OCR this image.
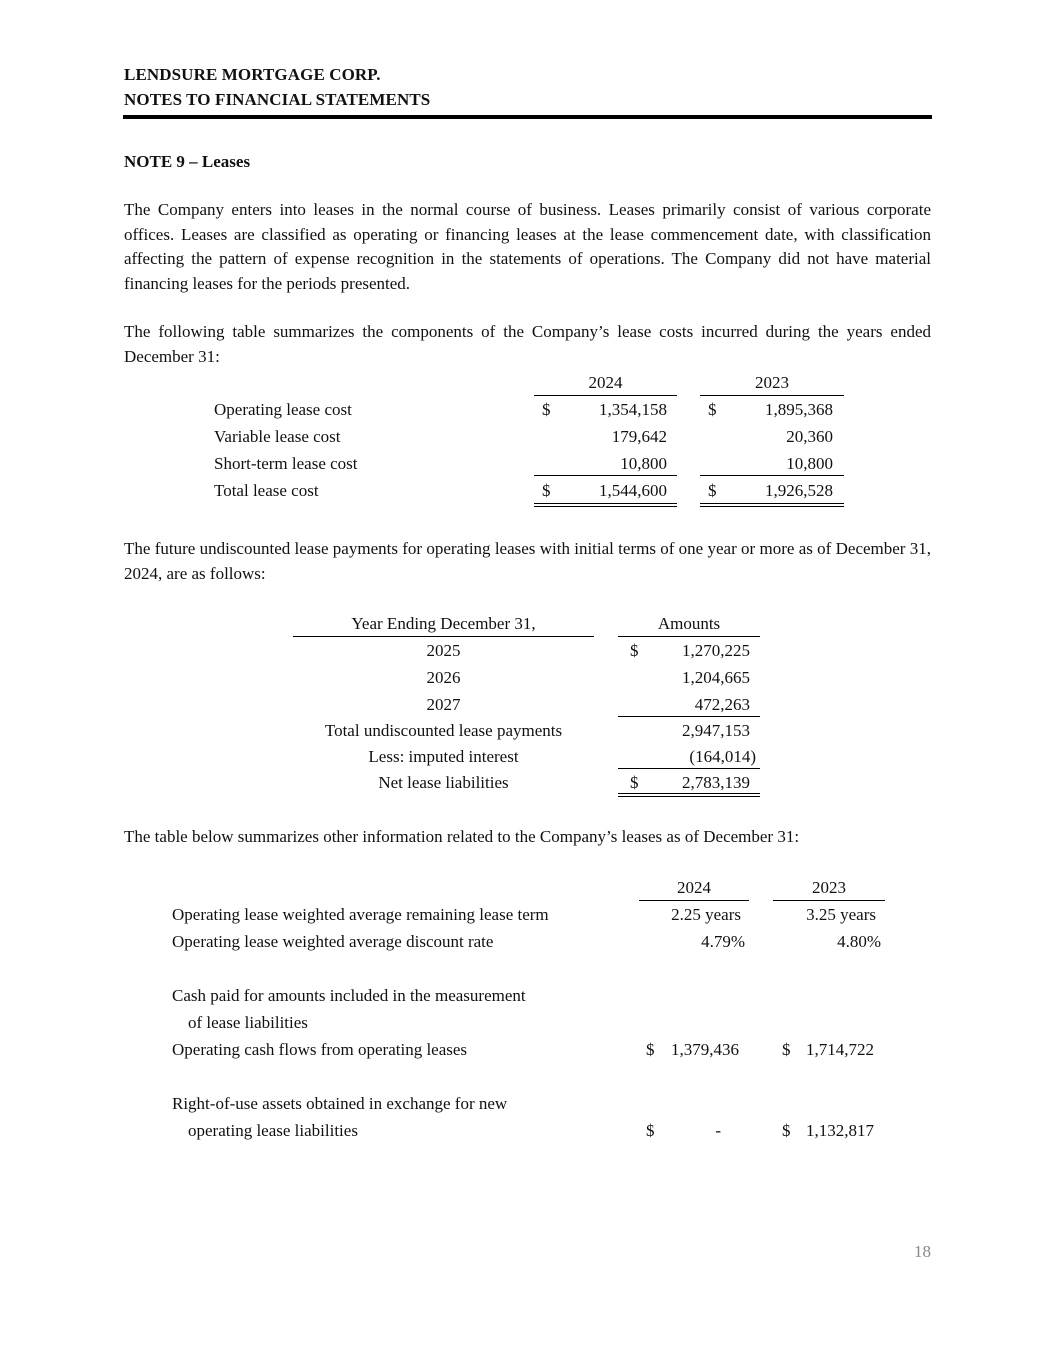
LENDSURE MORTGAGE CORP.
NOTES TO FINANCIAL STATEMENTS
NOTE 9 – Leases
The Company enters into leases in the normal course of business. Leases primarily consist of various corporate offices. Leases are classified as operating or financing leases at the lease commencement date, with classification affecting the pattern of expense recognition in the statements of operations. The Company did not have material financing leases for the periods presented.
The following table summarizes the components of the Company’s lease costs incurred during the years ended December 31:
2024	2023
Operating lease cost	$	1,354,158 $	1,895,368
Variable lease cost	179,642	20,360
Short-term lease cost	10,800	10,800
Total lease cost	$	1,544,600 $	1,926,528
The future undiscounted lease payments for operating leases with initial terms of one year or more as of December 31, 2024, are as follows:
Year Ending December 31,	Amounts
2025	$	1,270,225
2026	1,204,665
2027	472,263
Total undiscounted lease payments	2,947,153
Less: imputed interest	(164,014)
Net lease liabilities	$	2,783,139
The table below summarizes other information related to the Company’s leases as of December 31:
2024	2023
Operating lease weighted average remaining lease term	2.25 years	3.25 years
Operating lease weighted average discount rate	4.79%	4.80%
Cash paid for amounts included in the measurement
of lease liabilities
Operating cash flows from operating leases	$ 1,379,436	$ 1,714,722
Right-of-use assets obtained in exchange for new
operating lease liabilities	$	-	$ 1,132,817
18
